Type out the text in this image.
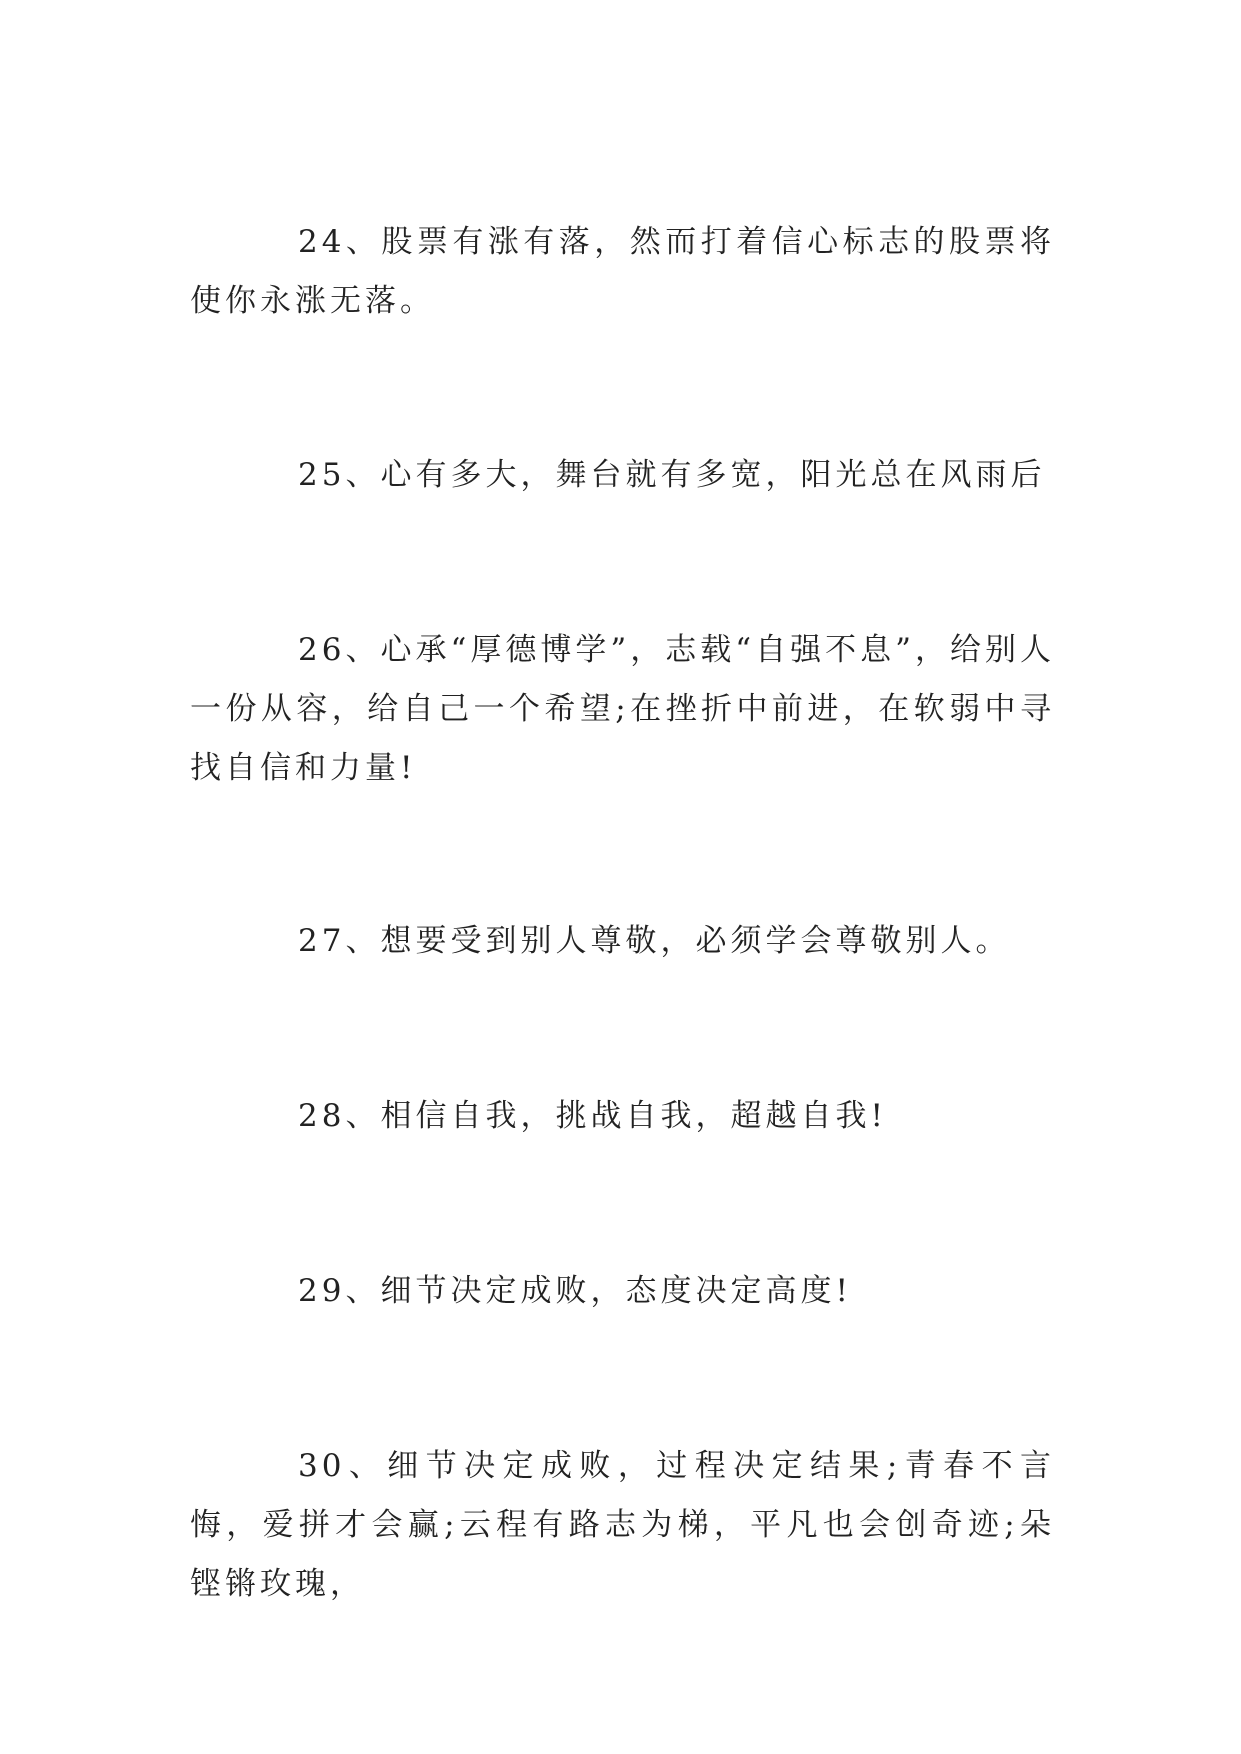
24、股票有涨有落，然而打着信心标志的股票将使你永涨无落。

25、心有多大，舞台就有多宽，阳光总在风雨后

26、心承“厚德博学”，志载“自强不息”，给别人一份从容，给自己一个希望;在挫折中前进，在软弱中寻找自信和力量!

27、想要受到别人尊敬，必须学会尊敬别人。

28、相信自我，挑战自我，超越自我!

29、细节决定成败，态度决定高度!

30、细节决定成败，过程决定结果;青春不言悔，爱拼才会赢;云程有路志为梯，平凡也会创奇迹;朵铿锵玫瑰，
